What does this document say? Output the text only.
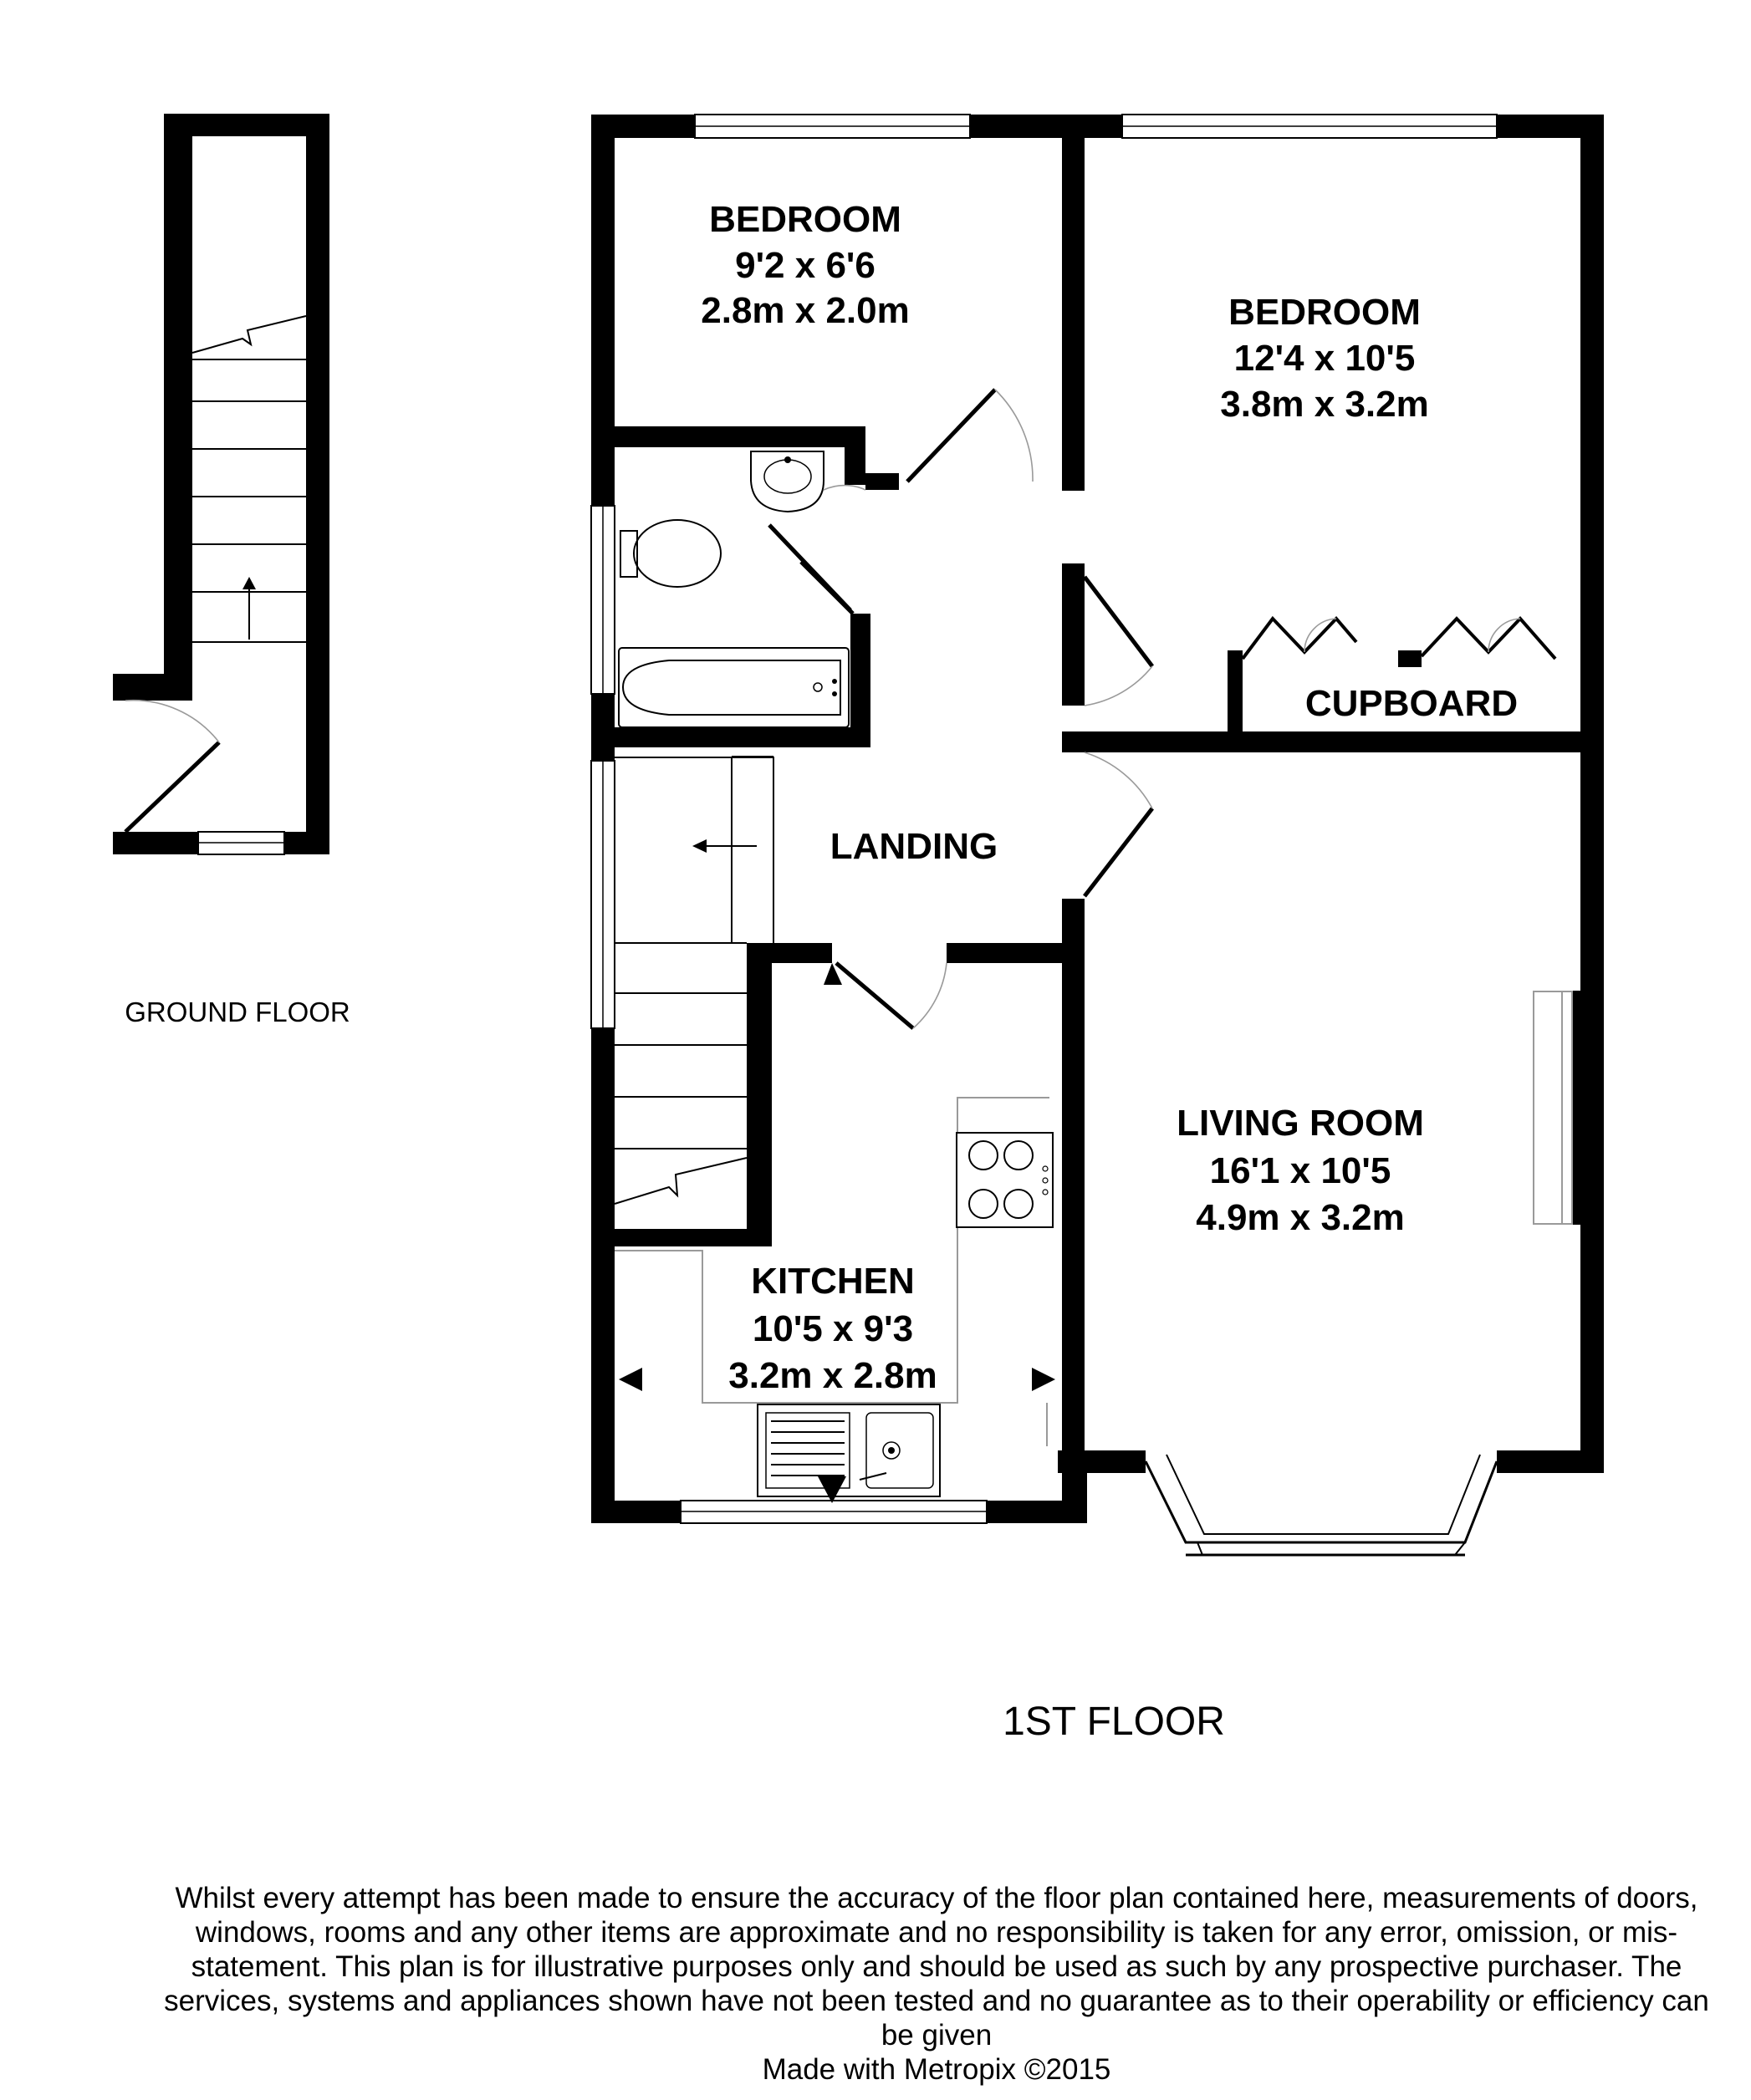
GROUND FLOOR
BEDROOM
9'2 x 6'6
2.8m x 2.0m	BEDROOM
12'4 x 10'5
3.8m x 3.2m
CUPBOARD
LANDING
LIVING ROOM
16'1 x 10'5
4.9m x 3.2m
KITCHEN
10'5 x 9'3
3.2m x 2.8m
1ST FLOOR
Whilst every attempt has been made to ensure the accuracy of the floor plan contained here, measurements of doors, windows, rooms and any other items are approximate and no responsibility is taken for any error, omission, or mis-statement. This plan is for illustrative purposes only and should be used as such by any prospective purchaser. The services, systems and appliances shown have not been tested and no guarantee as to their operability or efficiency can be given
Made with Metropix ©2015
